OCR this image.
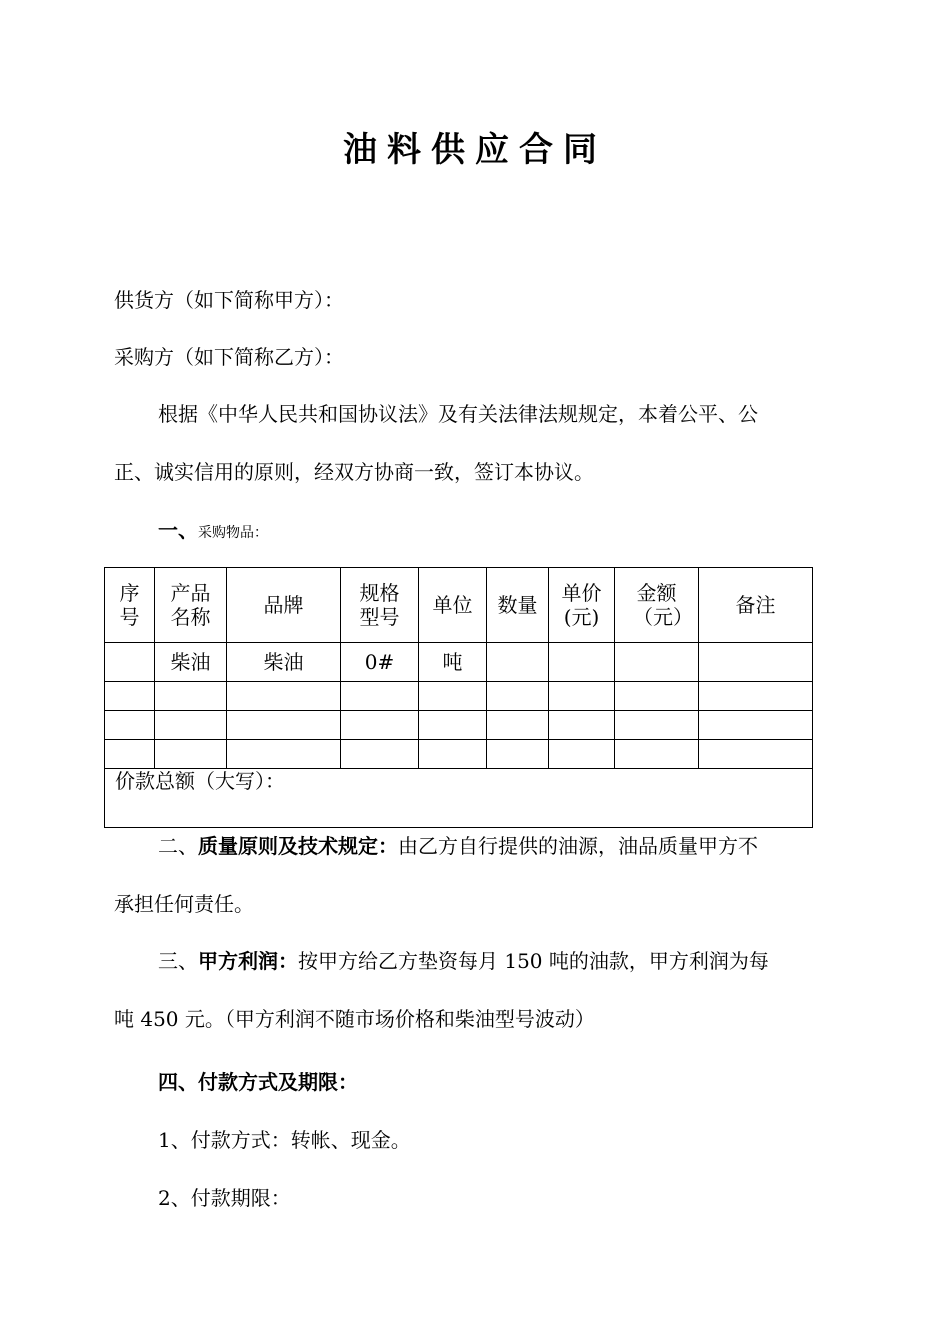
油料供应合同
供货方（如下简称甲方）：
采购方（如下简称乙方）：
根据《中华人民共和国协议法》及有关法律法规规定，本着公平、公
正、诚实信用的原则，经双方协商一致，签订本协议。
一、采购物品：
序号	产品名称	品牌	规格型号	单位	数量	单价(元)	金额（元）	备注
	柴油	柴油	0#	吨				

价款总额（大写）：								
二、质量原则及技术规定：由乙方自行提供的油源，油品质量甲方不
承担任何责任。
三、甲方利润：按甲方给乙方垫资每月 150 吨的油款，甲方利润为每
吨 450 元。（甲方利润不随市场价格和柴油型号波动）
四、付款方式及期限：
1、付款方式：转帐、现金。
2、付款期限：
